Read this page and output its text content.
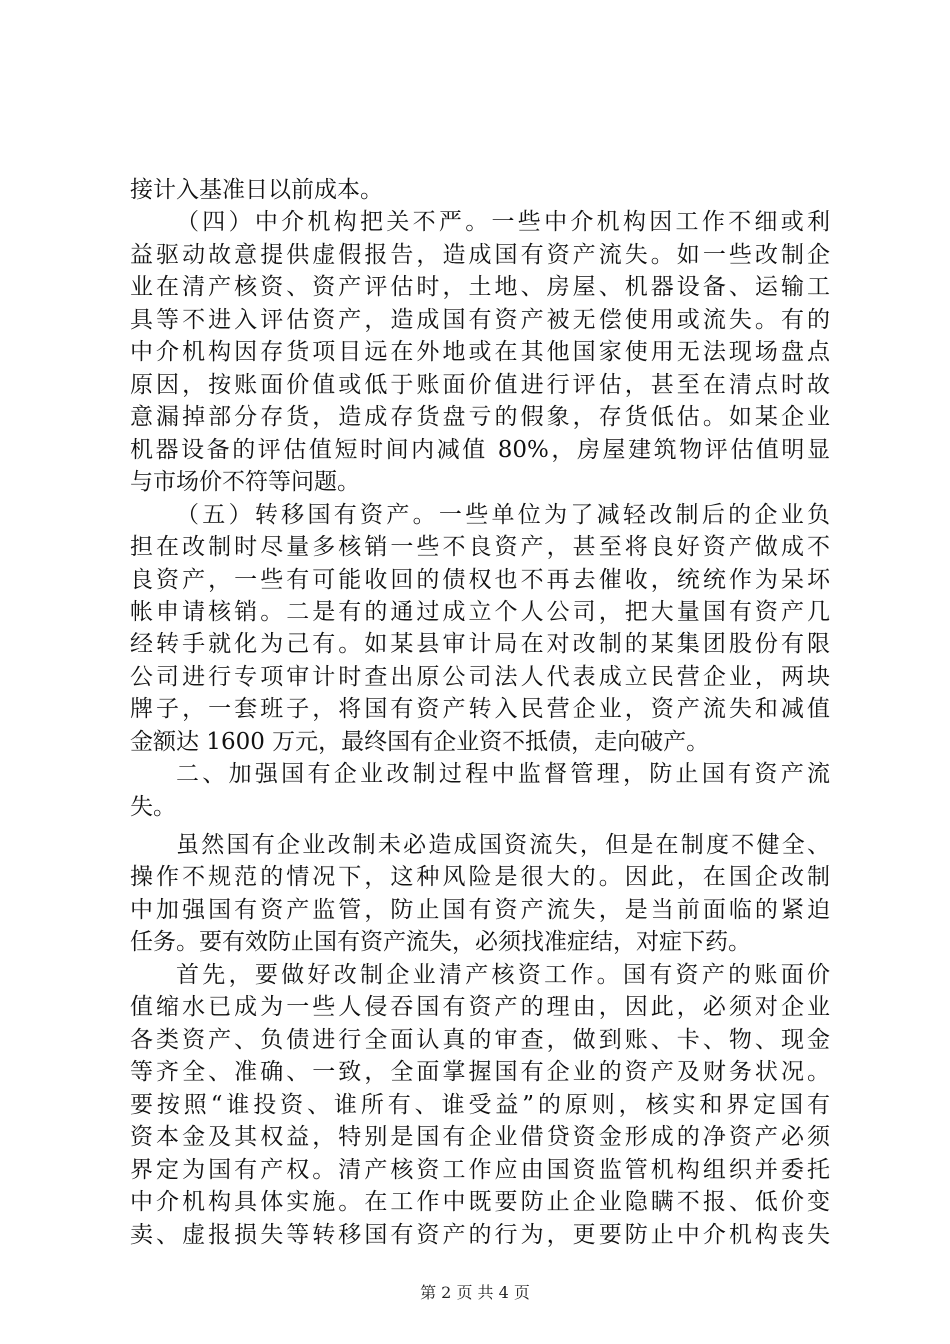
接计入基准日以前成本。
（四）中介机构把关不严。一些中介机构因工作不细或利
益驱动故意提供虚假报告，造成国有资产流失。如一些改制企
业在清产核资、资产评估时，土地、房屋、机器设备、运输工
具等不进入评估资产，造成国有资产被无偿使用或流失。有的
中介机构因存货项目远在外地或在其他国家使用无法现场盘点
原因，按账面价值或低于账面价值进行评估，甚至在清点时故
意漏掉部分存货，造成存货盘亏的假象，存货低估。如某企业
机器设备的评估值短时间内减值 80%，房屋建筑物评估值明显
与市场价不符等问题。
（五）转移国有资产。一些单位为了减轻改制后的企业负
担在改制时尽量多核销一些不良资产，甚至将良好资产做成不
良资产，一些有可能收回的债权也不再去催收，统统作为呆坏
帐申请核销。二是有的通过成立个人公司，把大量国有资产几
经转手就化为己有。如某县审计局在对改制的某集团股份有限
公司进行专项审计时查出原公司法人代表成立民营企业，两块
牌子，一套班子，将国有资产转入民营企业，资产流失和减值
金额达 1600 万元，最终国有企业资不抵债，走向破产。
二、加强国有企业改制过程中监督管理，防止国有资产流
失。
虽然国有企业改制未必造成国资流失，但是在制度不健全、
操作不规范的情况下，这种风险是很大的。因此，在国企改制
中加强国有资产监管，防止国有资产流失，是当前面临的紧迫
任务。要有效防止国有资产流失，必须找准症结，对症下药。
首先，要做好改制企业清产核资工作。国有资产的账面价
值缩水已成为一些人侵吞国有资产的理由，因此，必须对企业
各类资产、负债进行全面认真的审查，做到账、卡、物、现金
等齐全、准确、一致，全面掌握国有企业的资产及财务状况。
要按照“谁投资、谁所有、谁受益”的原则，核实和界定国有
资本金及其权益，特别是国有企业借贷资金形成的净资产必须
界定为国有产权。清产核资工作应由国资监管机构组织并委托
中介机构具体实施。在工作中既要防止企业隐瞒不报、低价变
第 2 页 共 4 页
卖、虚报损失等转移国有资产的行为，更要防止中介机构丧失
